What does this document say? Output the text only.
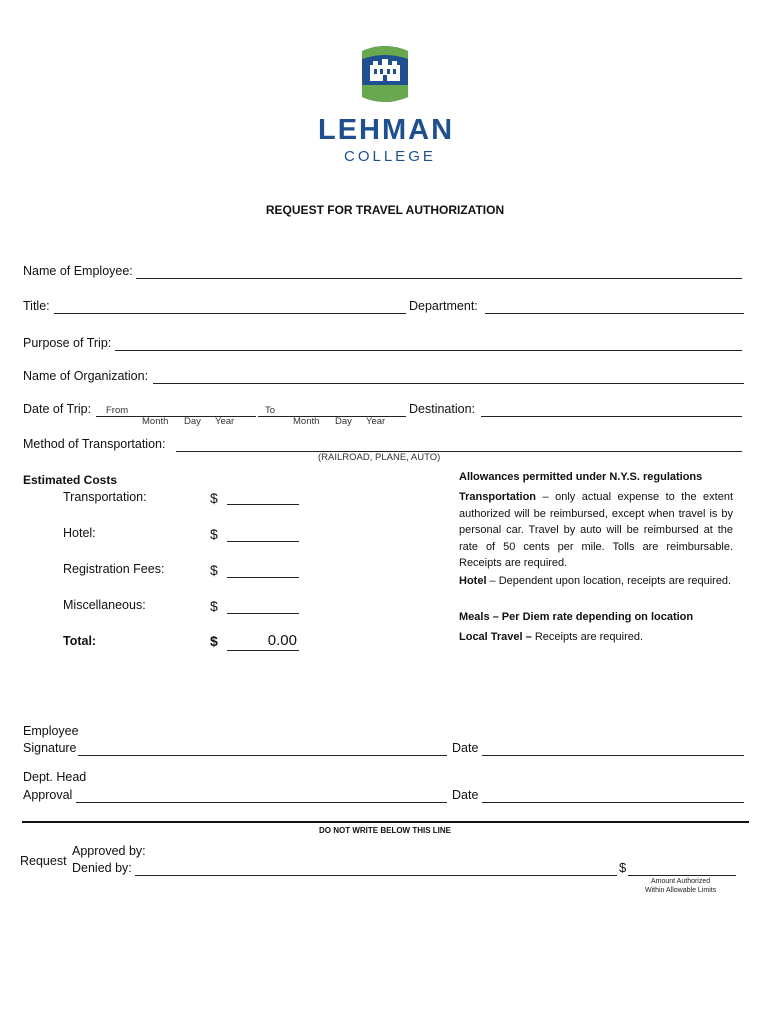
LEHMAN
COLLEGE
REQUEST FOR TRAVEL AUTHORIZATION
Name of Employee:
Title:	Department:
Purpose of Trip:
Name of Organization:
Date of Trip: From
Month Day Year
To
Month Day Year
Destination:
Method of Transportation:
(RAILROAD, PLANE, AUTO)
Estimated Costs
Transportation:	$
Hotel:	$
Registration Fees:	$
Miscellaneous:	$
Total:	$	0.00
Allowances permitted under N.Y.S. regulations
Transportation – only actual expense to the extent authorized will be reimbursed, except when travel is by personal car. Travel by auto will be reimbursed at the rate of 50 cents per mile. Tolls are reimbursable. Receipts are required.
Hotel – Dependent upon location, receipts are required.
Meals – Per Diem rate depending on location
Local Travel – Receipts are required.
Employee
Signature	Date
Dept. Head
Approval	Date
DO NOT WRITE BELOW THIS LINE
Request
Approved by:
Denied by:	$
Amount Authorized
Within Allowable Limits
